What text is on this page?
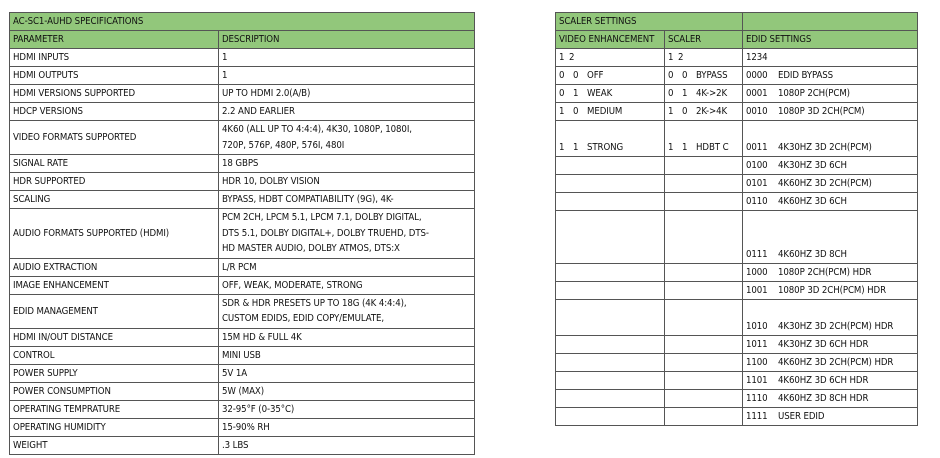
AC-SC1-AUHD SPECIFICATIONS	
PARAMETER	DESCRIPTION
HDMI INPUTS	1
HDMI OUTPUTS	1
HDMI VERSIONS SUPPORTED	UP TO HDMI 2.0(A/B)
HDCP VERSIONS	2.2 AND EARLIER
VIDEO FORMATS SUPPORTED	4K60 (ALL UP TO 4:4:4), 4K30, 1080P, 1080I,
720P, 576P, 480P, 576I, 480I
SIGNAL RATE	18 GBPS
HDR SUPPORTED	HDR 10, DOLBY VISION
SCALING	BYPASS, HDBT COMPATIABILITY (9G), 4K-
AUDIO FORMATS SUPPORTED (HDMI)	PCM 2CH, LPCM 5.1, LPCM 7.1, DOLBY DIGITAL,
DTS 5.1, DOLBY DIGITAL+, DOLBY TRUEHD, DTS-
HD MASTER AUDIO, DOLBY ATMOS, DTS:X
AUDIO EXTRACTION	L/R PCM
IMAGE ENHANCEMENT	OFF, WEAK, MODERATE, STRONG
EDID MANAGEMENT	SDR & HDR PRESETS UP TO 18G (4K 4:4:4),
CUSTOM EDIDS, EDID COPY/EMULATE,
HDMI IN/OUT DISTANCE	15M HD & FULL 4K
CONTROL	MINI USB
POWER SUPPLY	5V 1A
POWER CONSUMPTION	5W (MAX)
OPERATING TEMPRATURE	32-95°F (0-35°C)
OPERATING HUMIDITY	15-90% RH
WEIGHT	.3 LBS
SCALER SETTINGS		
VIDEO ENHANCEMENT	SCALER	EDID SETTINGS
1 2	1 2	1234
0 0 OFF	0 0 BYPASS	0000 EDID BYPASS
0 1 WEAK	0 1 4K->2K	0001 1080P 2CH(PCM)
1 0 MEDIUM	1 0 2K->4K	0010 1080P 3D 2CH(PCM)
1 1 STRONG	1 1 HDBT C	0011 4K30HZ 3D 2CH(PCM)
		0100 4K30HZ 3D 6CH
		0101 4K60HZ 3D 2CH(PCM)
		0110 4K60HZ 3D 6CH
		0111 4K60HZ 3D 8CH
		1000 1080P 2CH(PCM) HDR
		1001 1080P 3D 2CH(PCM) HDR
		1010 4K30HZ 3D 2CH(PCM) HDR
		1011 4K30HZ 3D 6CH HDR
		1100 4K60HZ 3D 2CH(PCM) HDR
		1101 4K60HZ 3D 6CH HDR
		1110 4K60HZ 3D 8CH HDR
		1111 USER EDID
